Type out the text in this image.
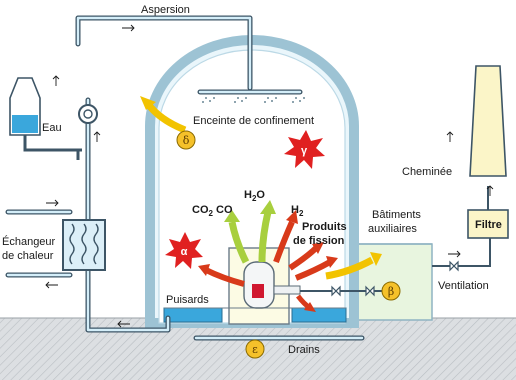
γ
α
δ
β
ε
Aspersion
Eau
Échangeur
de chaleur
Enceinte de confinement
$CO_2$ CO
$H_2O$
$H_2$
Produits
de fission
Puisards
Bâtiments
auxiliaires
Ventilation
Cheminée
Filtre
Drains
